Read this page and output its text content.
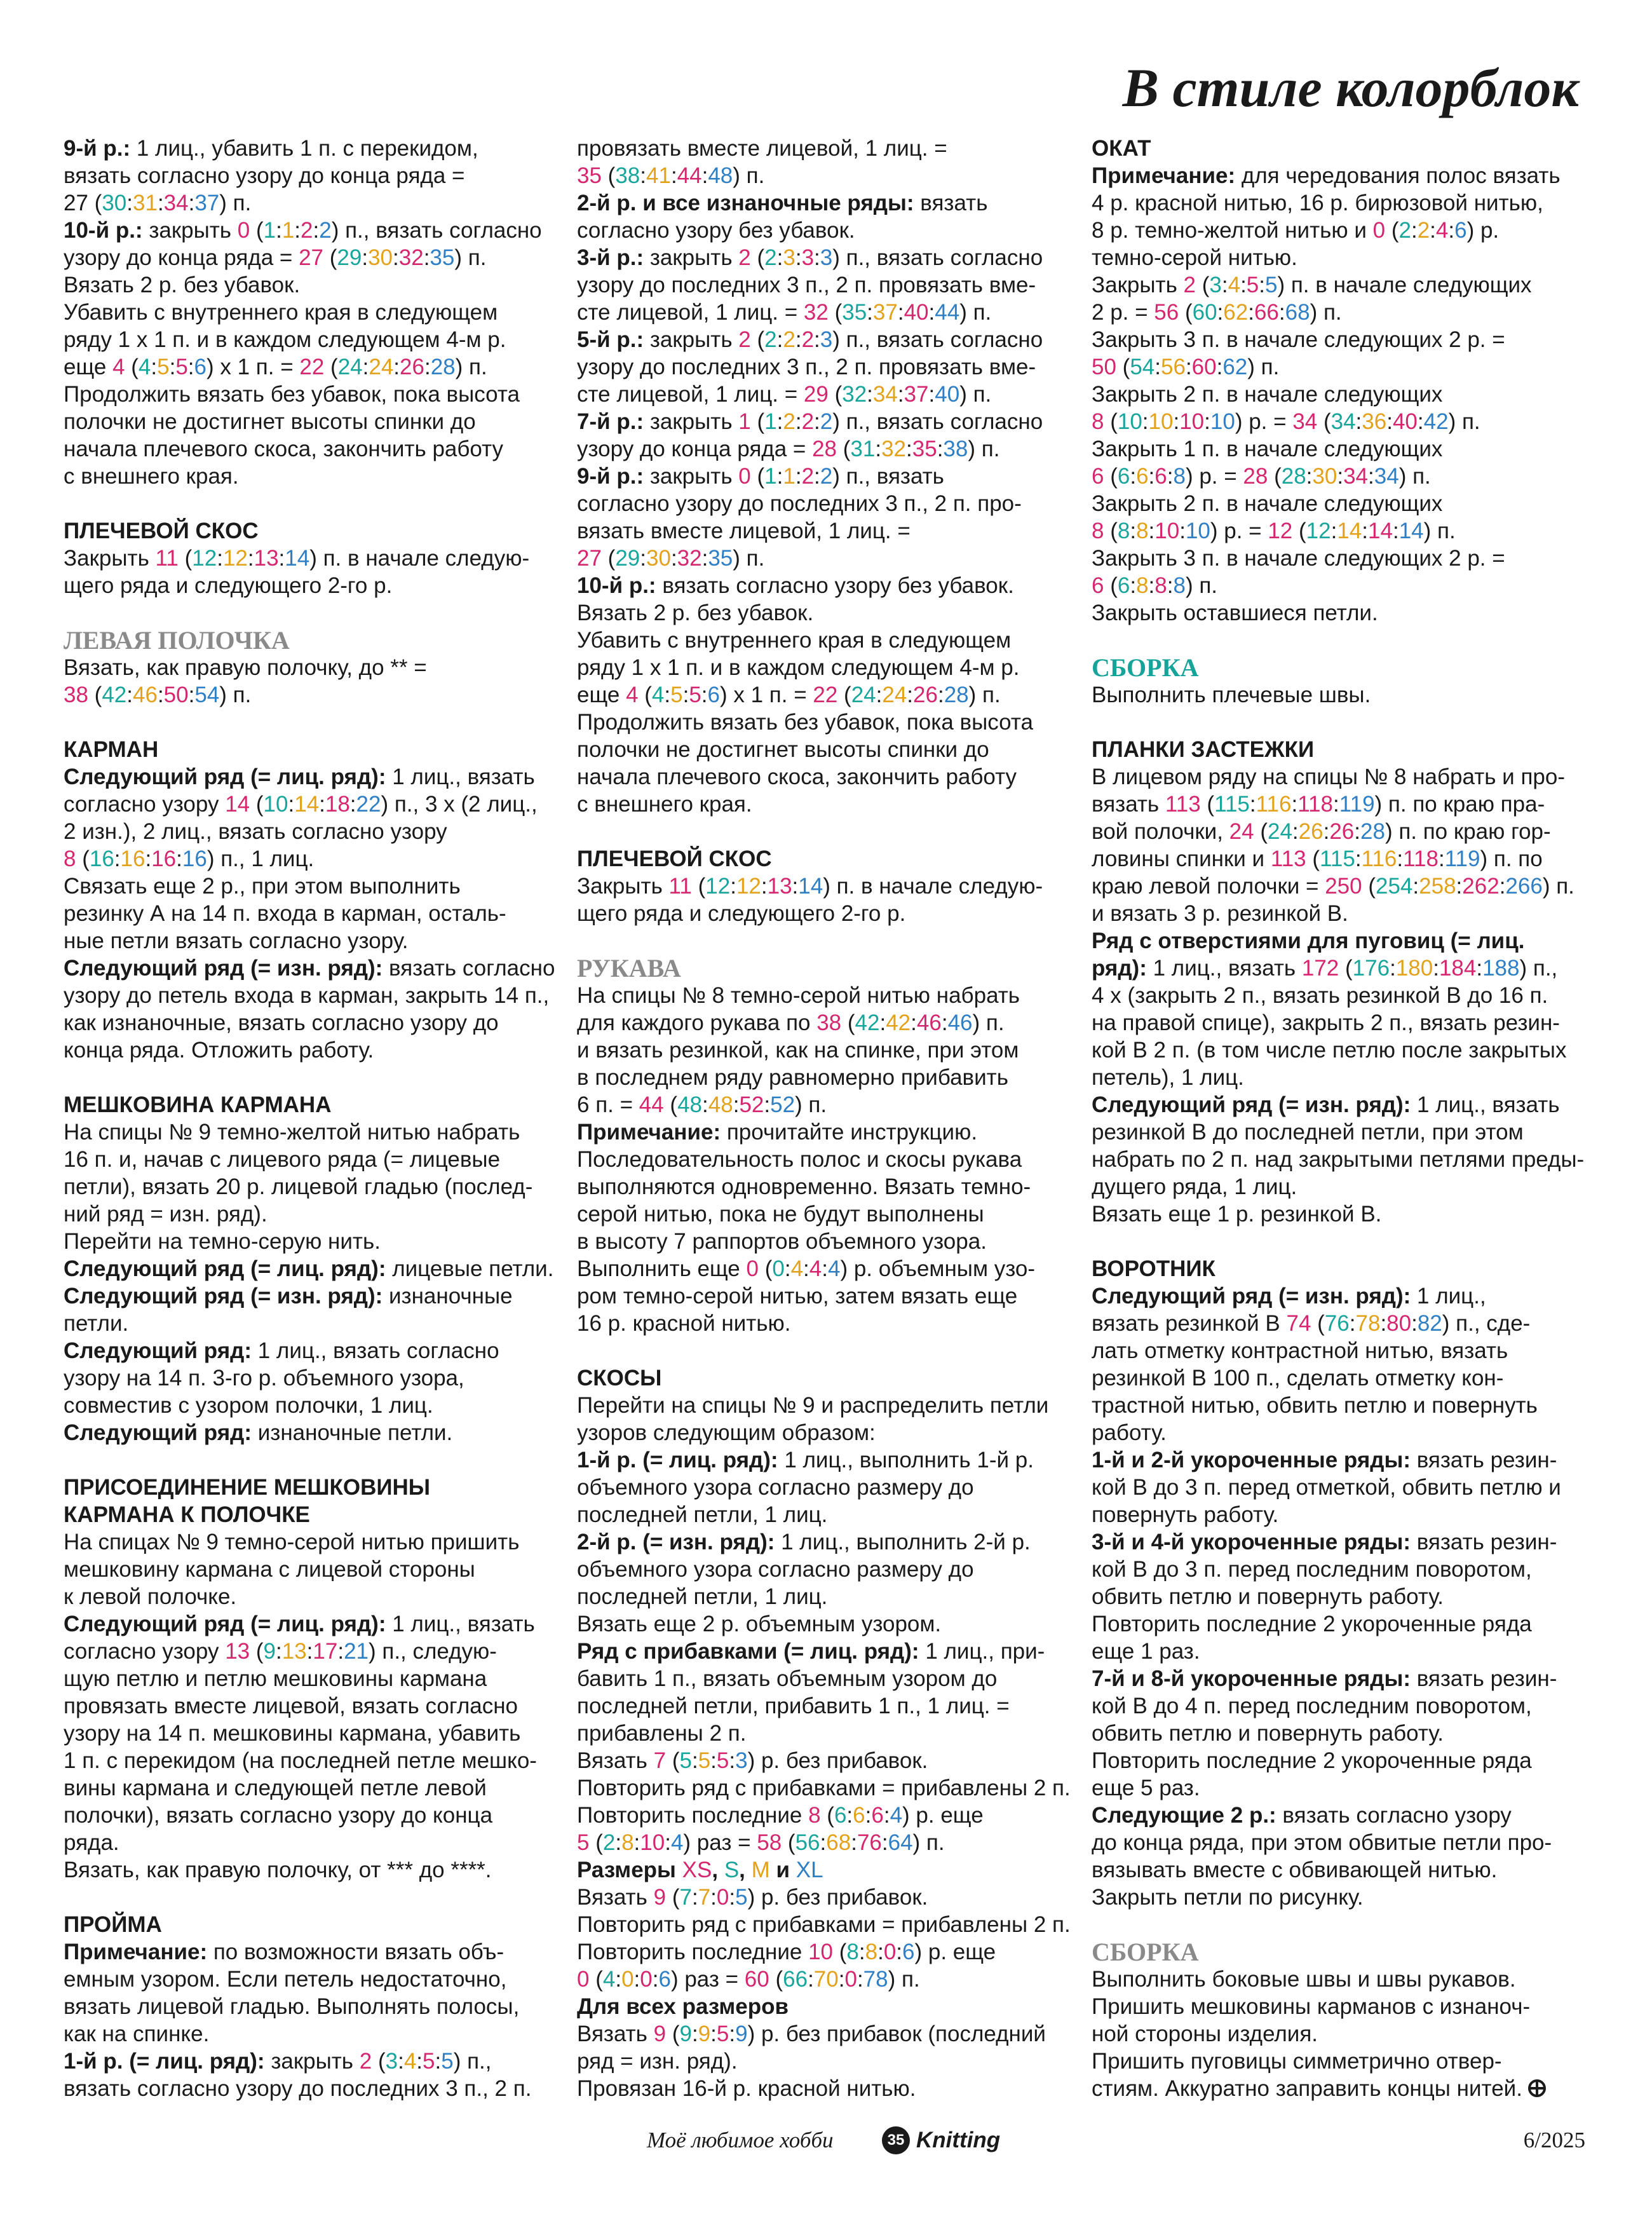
В стиле колорблок
9-й р.: 1 лиц., убавить 1 п. с перекидом,
вязать согласно узору до конца ряда =
27 (30:31:34:37) п.
10-й р.: закрыть 0 (1:1:2:2) п., вязать согласно
узору до конца ряда = 27 (29:30:32:35) п.
Вязать 2 р. без убавок.
Убавить с внутреннего края в следующем
ряду 1 х 1 п. и в каждом следующем 4-м р.
еще 4 (4:5:5:6) х 1 п. = 22 (24:24:26:28) п.
Продолжить вязать без убавок, пока высота
полочки не достигнет высоты спинки до
начала плечевого скоса, закончить работу
с внешнего края.
ПЛЕЧЕВОЙ СКОС
Закрыть 11 (12:12:13:14) п. в начале следую-
щего ряда и следующего 2-го р.
ЛЕВАЯ ПОЛОЧКА
Вязать, как правую полочку, до ** =
38 (42:46:50:54) п.
КАРМАН
Следующий ряд (= лиц. ряд): 1 лиц., вязать
согласно узору 14 (10:14:18:22) п., 3 х (2 лиц.,
2 изн.), 2 лиц., вязать согласно узору
8 (16:16:16:16) п., 1 лиц.
Связать еще 2 р., при этом выполнить
резинку А на 14 п. входа в карман, осталь-
ные петли вязать согласно узору.
Следующий ряд (= изн. ряд): вязать согласно
узору до петель входа в карман, закрыть 14 п.,
как изнаночные, вязать согласно узору до
конца ряда. Отложить работу.
МЕШКОВИНА КАРМАНА
На спицы № 9 темно-желтой нитью набрать
16 п. и, начав с лицевого ряда (= лицевые
петли), вязать 20 р. лицевой гладью (послед-
ний ряд = изн. ряд).
Перейти на темно-серую нить.
Следующий ряд (= лиц. ряд): лицевые петли.
Следующий ряд (= изн. ряд): изнаночные
петли.
Следующий ряд: 1 лиц., вязать согласно
узору на 14 п. 3-го р. объемного узора,
совместив с узором полочки, 1 лиц.
Следующий ряд: изнаночные петли.
ПРИСОЕДИНЕНИЕ МЕШКОВИНЫ
КАРМАНА К ПОЛОЧКЕ
На спицах № 9 темно-серой нитью пришить
мешковину кармана с лицевой стороны
к левой полочке.
Следующий ряд (= лиц. ряд): 1 лиц., вязать
согласно узору 13 (9:13:17:21) п., следую-
щую петлю и петлю мешковины кармана
провязать вместе лицевой, вязать согласно
узору на 14 п. мешковины кармана, убавить
1 п. с перекидом (на последней петле мешко-
вины кармана и следующей петле левой
полочки), вязать согласно узору до конца
ряда.
Вязать, как правую полочку, от *** до ****.
ПРОЙМА
Примечание: по возможности вязать объ-
емным узором. Если петель недостаточно,
вязать лицевой гладью. Выполнять полосы,
как на спинке.
1-й р. (= лиц. ряд): закрыть 2 (3:4:5:5) п.,
вязать согласно узору до последних 3 п., 2 п.
провязать вместе лицевой, 1 лиц. =
35 (38:41:44:48) п.
2-й р. и все изнаночные ряды: вязать
согласно узору без убавок.
3-й р.: закрыть 2 (2:3:3:3) п., вязать согласно
узору до последних 3 п., 2 п. провязать вме-
сте лицевой, 1 лиц. = 32 (35:37:40:44) п.
5-й р.: закрыть 2 (2:2:2:3) п., вязать согласно
узору до последних 3 п., 2 п. провязать вме-
сте лицевой, 1 лиц. = 29 (32:34:37:40) п.
7-й р.: закрыть 1 (1:2:2:2) п., вязать согласно
узору до конца ряда = 28 (31:32:35:38) п.
9-й р.: закрыть 0 (1:1:2:2) п., вязать
согласно узору до последних 3 п., 2 п. про-
вязать вместе лицевой, 1 лиц. =
27 (29:30:32:35) п.
10-й р.: вязать согласно узору без убавок.
Вязать 2 р. без убавок.
Убавить с внутреннего края в следующем
ряду 1 х 1 п. и в каждом следующем 4-м р.
еще 4 (4:5:5:6) х 1 п. = 22 (24:24:26:28) п.
Продолжить вязать без убавок, пока высота
полочки не достигнет высоты спинки до
начала плечевого скоса, закончить работу
с внешнего края.
ПЛЕЧЕВОЙ СКОС
Закрыть 11 (12:12:13:14) п. в начале следую-
щего ряда и следующего 2-го р.
РУКАВА
На спицы № 8 темно-серой нитью набрать
для каждого рукава по 38 (42:42:46:46) п.
и вязать резинкой, как на спинке, при этом
в последнем ряду равномерно прибавить
6 п. = 44 (48:48:52:52) п.
Примечание: прочитайте инструкцию.
Последовательность полос и скосы рукава
выполняются одновременно. Вязать темно-
серой нитью, пока не будут выполнены
в высоту 7 раппортов объемного узора.
Выполнить еще 0 (0:4:4:4) р. объемным узо-
ром темно-серой нитью, затем вязать еще
16 р. красной нитью.
СКОСЫ
Перейти на спицы № 9 и распределить петли
узоров следующим образом:
1-й р. (= лиц. ряд): 1 лиц., выполнить 1-й р.
объемного узора согласно размеру до
последней петли, 1 лиц.
2-й р. (= изн. ряд): 1 лиц., выполнить 2-й р.
объемного узора согласно размеру до
последней петли, 1 лиц.
Вязать еще 2 р. объемным узором.
Ряд с прибавками (= лиц. ряд): 1 лиц., при-
бавить 1 п., вязать объемным узором до
последней петли, прибавить 1 п., 1 лиц. =
прибавлены 2 п.
Вязать 7 (5:5:5:3) р. без прибавок.
Повторить ряд с прибавками = прибавлены 2 п.
Повторить последние 8 (6:6:6:4) р. еще
5 (2:8:10:4) раз = 58 (56:68:76:64) п.
Размеры XS, S, M и XL
Вязать 9 (7:7:0:5) р. без прибавок.
Повторить ряд с прибавками = прибавлены 2 п.
Повторить последние 10 (8:8:0:6) р. еще
0 (4:0:0:6) раз = 60 (66:70:0:78) п.
Для всех размеров
Вязать 9 (9:9:5:9) р. без прибавок (последний
ряд = изн. ряд).
Провязан 16-й р. красной нитью.
ОКАТ
Примечание: для чередования полос вязать
4 р. красной нитью, 16 р. бирюзовой нитью,
8 р. темно-желтой нитью и 0 (2:2:4:6) р.
темно-серой нитью.
Закрыть 2 (3:4:5:5) п. в начале следующих
2 р. = 56 (60:62:66:68) п.
Закрыть 3 п. в начале следующих 2 р. =
50 (54:56:60:62) п.
Закрыть 2 п. в начале следующих
8 (10:10:10:10) р. = 34 (34:36:40:42) п.
Закрыть 1 п. в начале следующих
6 (6:6:6:8) р. = 28 (28:30:34:34) п.
Закрыть 2 п. в начале следующих
8 (8:8:10:10) р. = 12 (12:14:14:14) п.
Закрыть 3 п. в начале следующих 2 р. =
6 (6:8:8:8) п.
Закрыть оставшиеся петли.
СБОРКА
Выполнить плечевые швы.
ПЛАНКИ ЗАСТЕЖКИ
В лицевом ряду на спицы № 8 набрать и про-
вязать 113 (115:116:118:119) п. по краю пра-
вой полочки, 24 (24:26:26:28) п. по краю гор-
ловины спинки и 113 (115:116:118:119) п. по
краю левой полочки = 250 (254:258:262:266) п.
и вязать 3 р. резинкой В.
Ряд с отверстиями для пуговиц (= лиц.
ряд): 1 лиц., вязать 172 (176:180:184:188) п.,
4 х (закрыть 2 п., вязать резинкой В до 16 п.
на правой спице), закрыть 2 п., вязать резин-
кой В 2 п. (в том числе петлю после закрытых
петель), 1 лиц.
Следующий ряд (= изн. ряд): 1 лиц., вязать
резинкой В до последней петли, при этом
набрать по 2 п. над закрытыми петлями преды-
дущего ряда, 1 лиц.
Вязать еще 1 р. резинкой В.
ВОРОТНИК
Следующий ряд (= изн. ряд): 1 лиц.,
вязать резинкой В 74 (76:78:80:82) п., сде-
лать отметку контрастной нитью, вязать
резинкой В 100 п., сделать отметку кон-
трастной нитью, обвить петлю и повернуть
работу.
1-й и 2-й укороченные ряды: вязать резин-
кой В до 3 п. перед отметкой, обвить петлю и
повернуть работу.
3-й и 4-й укороченные ряды: вязать резин-
кой В до 3 п. перед последним поворотом,
обвить петлю и повернуть работу.
Повторить последние 2 укороченные ряда
еще 1 раз.
7-й и 8-й укороченные ряды: вязать резин-
кой В до 4 п. перед последним поворотом,
обвить петлю и повернуть работу.
Повторить последние 2 укороченные ряда
еще 5 раз.
Следующие 2 р.: вязать согласно узору
до конца ряда, при этом обвитые петли про-
вязывать вместе с обвивающей нитью.
Закрыть петли по рисунку.
СБОРКА
Выполнить боковые швы и швы рукавов.
Пришить мешковины карманов с изнаноч-
ной стороны изделия.
Пришить пуговицы симметрично отвер-
стиям. Аккуратно заправить концы нитей.
Моё любимое хобби	35 Knitting	6/2025
